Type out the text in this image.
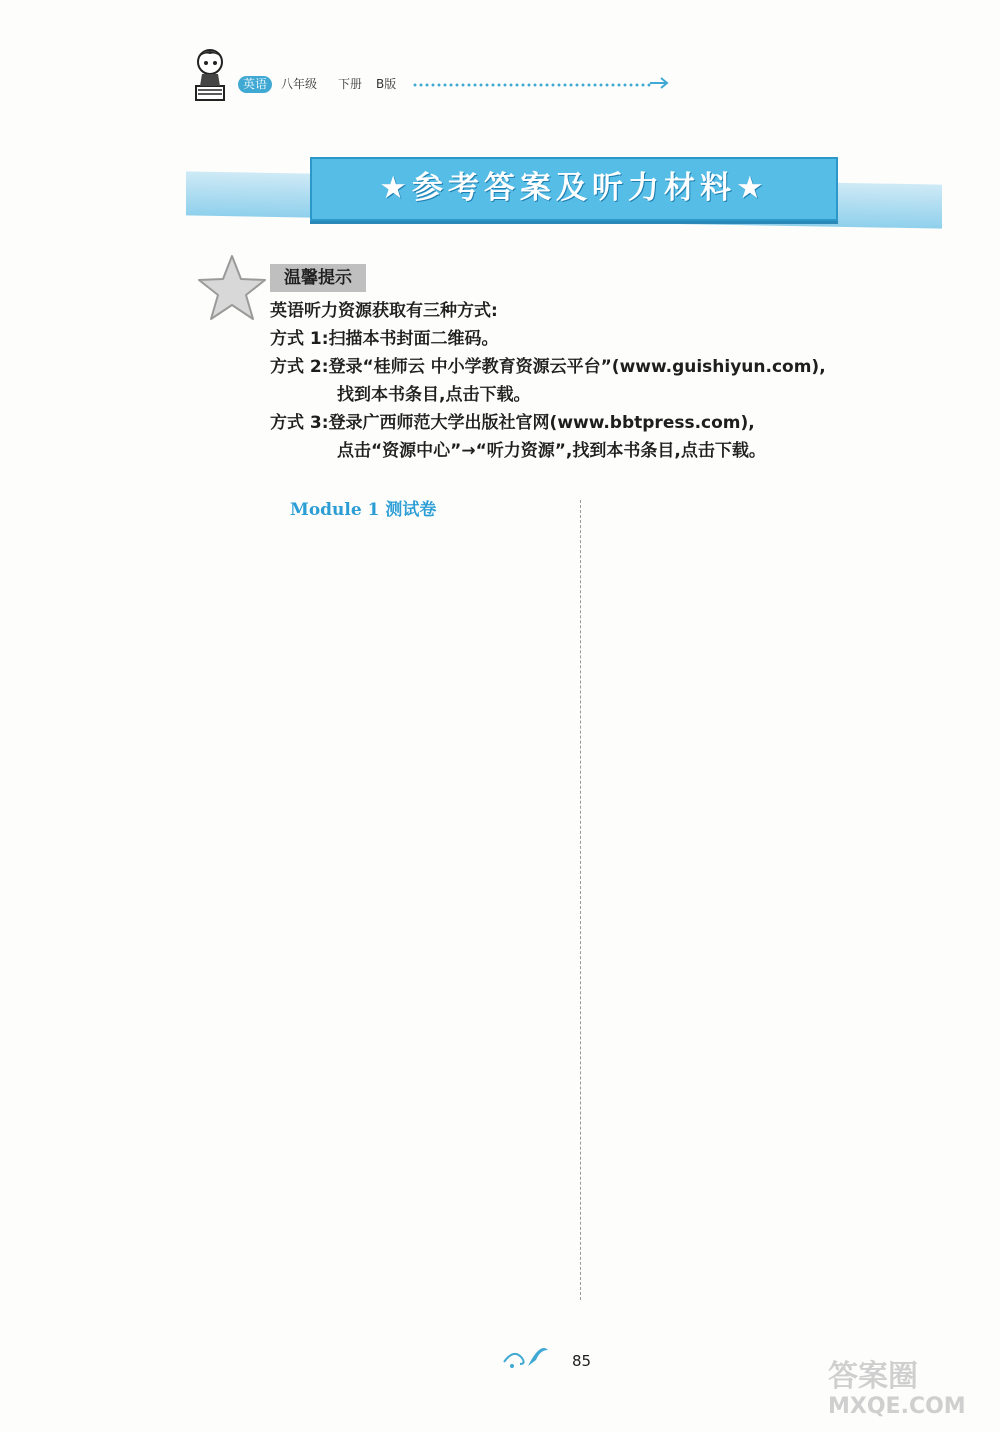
英语	八年级 下册 B版
★参考答案及听力材料★
温馨提示
英语听力资源获取有三种方式:
方式 1:扫描本书封面二维码。
方式 2:登录“桂师云 中小学教育资源云平台”(www.guishiyun.com),
找到本书条目,点击下载。
方式 3:登录广西师范大学出版社官网(www.bbtpress.com),
点击“资源中心”→“听力资源”,找到本书条目,点击下载。
Module 1 测试卷
85	答案圈
MXQE.COM
